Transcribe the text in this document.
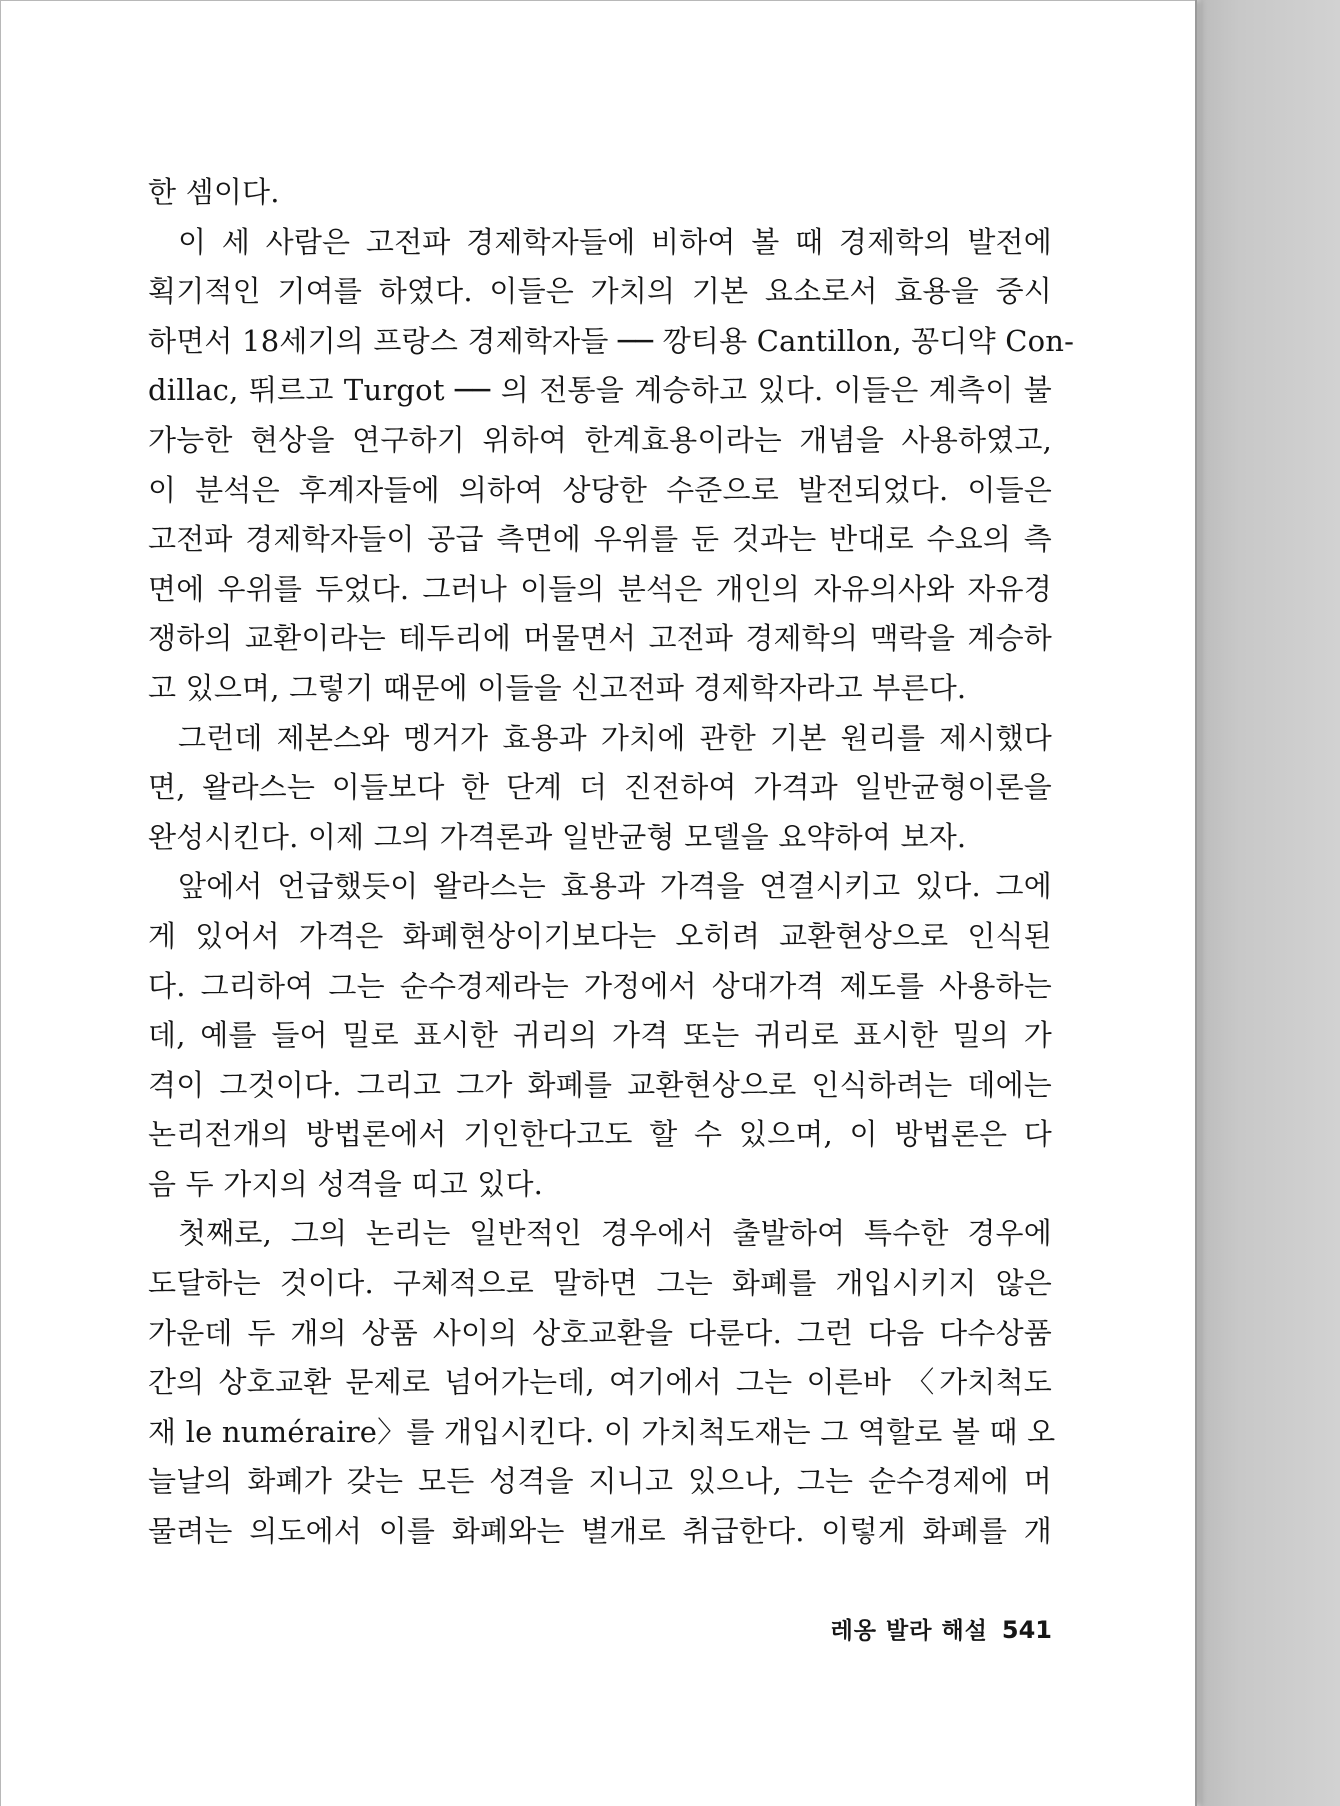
한 셈이다.
이 세 사람은 고전파 경제학자들에 비하여 볼 때 경제학의 발전에
획기적인 기여를 하였다. 이들은 가치의 기본 요소로서 효용을 중시
하면서 18세기의 프랑스 경제학자들 ── 깡티용 Cantillon, 꽁디약 Con-
dillac, 뛰르고 Turgot ── 의 전통을 계승하고 있다. 이들은 계측이 불
가능한 현상을 연구하기 위하여 한계효용이라는 개념을 사용하였고,
이 분석은 후계자들에 의하여 상당한 수준으로 발전되었다. 이들은
고전파 경제학자들이 공급 측면에 우위를 둔 것과는 반대로 수요의 측
면에 우위를 두었다. 그러나 이들의 분석은 개인의 자유의사와 자유경
쟁하의 교환이라는 테두리에 머물면서 고전파 경제학의 맥락을 계승하
고 있으며, 그렇기 때문에 이들을 신고전파 경제학자라고 부른다.
그런데 제본스와 멩거가 효용과 가치에 관한 기본 원리를 제시했다
면, 왈라스는 이들보다 한 단계 더 진전하여 가격과 일반균형이론을
완성시킨다. 이제 그의 가격론과 일반균형 모델을 요약하여 보자.
앞에서 언급했듯이 왈라스는 효용과 가격을 연결시키고 있다. 그에
게 있어서 가격은 화폐현상이기보다는 오히려 교환현상으로 인식된
다. 그리하여 그는 순수경제라는 가정에서 상대가격 제도를 사용하는
데, 예를 들어 밀로 표시한 귀리의 가격 또는 귀리로 표시한 밀의 가
격이 그것이다. 그리고 그가 화폐를 교환현상으로 인식하려는 데에는
논리전개의 방법론에서 기인한다고도 할 수 있으며, 이 방법론은 다
음 두 가지의 성격을 띠고 있다.
첫째로, 그의 논리는 일반적인 경우에서 출발하여 특수한 경우에
도달하는 것이다. 구체적으로 말하면 그는 화폐를 개입시키지 않은
가운데 두 개의 상품 사이의 상호교환을 다룬다. 그런 다음 다수상품
간의 상호교환 문제로 넘어가는데, 여기에서 그는 이른바 〈가치척도
재 le numéraire〉를 개입시킨다. 이 가치척도재는 그 역할로 볼 때 오
늘날의 화폐가 갖는 모든 성격을 지니고 있으나, 그는 순수경제에 머
물려는 의도에서 이를 화폐와는 별개로 취급한다. 이렇게 화폐를 개
레옹 발라 해설 541
